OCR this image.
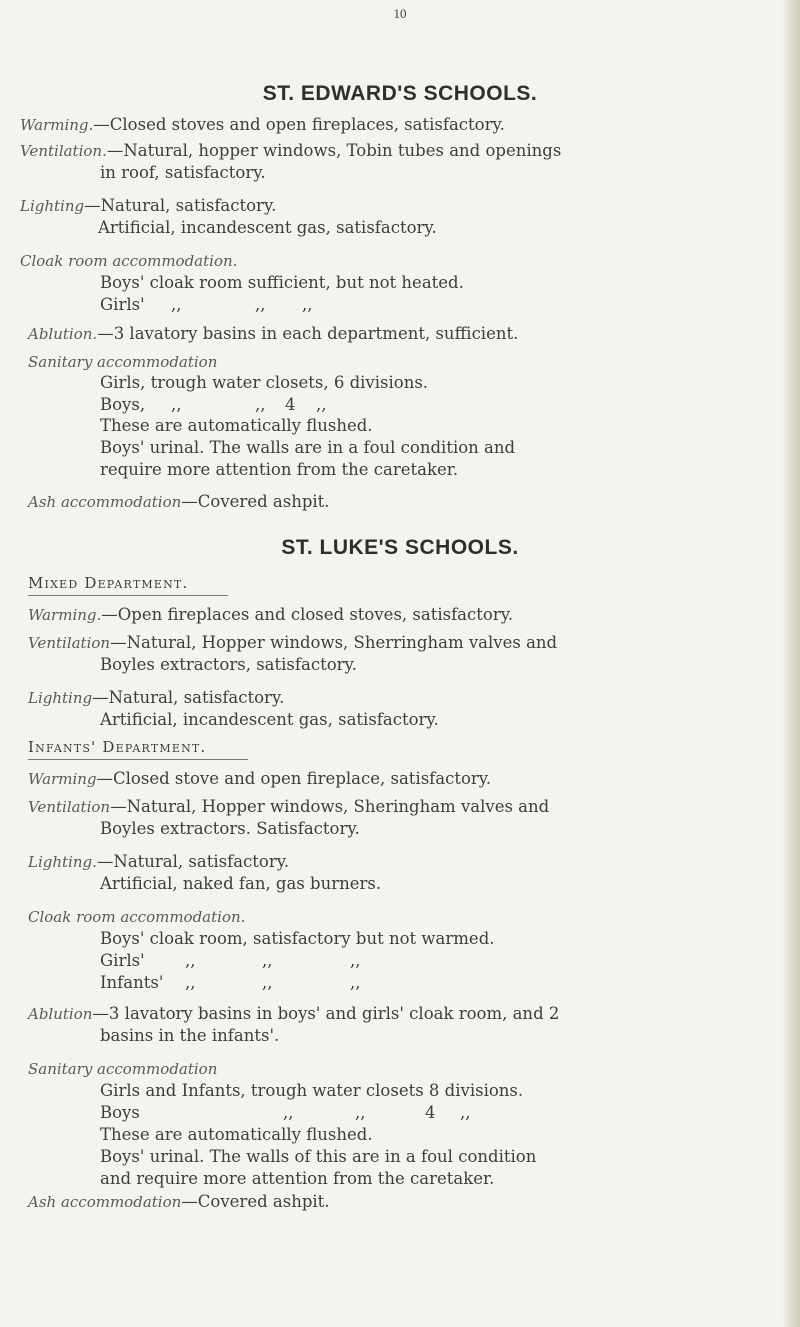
10
ST. EDWARD'S SCHOOLS.
Warming.—Closed stoves and open fireplaces, satisfactory.
Ventilation.—Natural, hopper windows, Tobin tubes and openings
in roof, satisfactory.
Lighting—Natural, satisfactory.
Artificial, incandescent gas, satisfactory.
Cloak room accommodation.
Boys' cloak room sufficient, but not heated.
Girls' ,,	,, ,,
Ablution.—3 lavatory basins in each department, sufficient.
Sanitary accommodation
Girls, trough water closets, 6 divisions.
Boys, ,,	,, 4 ,,
These are automatically flushed.
Boys' urinal. The walls are in a foul condition and
require more attention from the caretaker.
Ash accommodation—Covered ashpit.
ST. LUKE'S SCHOOLS.
Mixed Department.
Warming.—Open fireplaces and closed stoves, satisfactory.
Ventilation—Natural, Hopper windows, Sherringham valves and
Boyles extractors, satisfactory.
Lighting—Natural, satisfactory.
Artificial, incandescent gas, satisfactory.
Infants' Department.
Warming—Closed stove and open fireplace, satisfactory.
Ventilation—Natural, Hopper windows, Sheringham valves and
Boyles extractors. Satisfactory.
Lighting.—Natural, satisfactory.
Artificial, naked fan, gas burners.
Cloak room accommodation.
Boys' cloak room, satisfactory but not warmed.
Girls' ,,	,,	,,
Infants' ,,	,,	,,
Ablution—3 lavatory basins in boys' and girls' cloak room, and 2
basins in the infants'.
Sanitary accommodation
Girls and Infants, trough water closets 8 divisions.
Boys	,,	,,	4 ,,
These are automatically flushed.
Boys' urinal. The walls of this are in a foul condition
and require more attention from the caretaker.
Ash accommodation—Covered ashpit.
